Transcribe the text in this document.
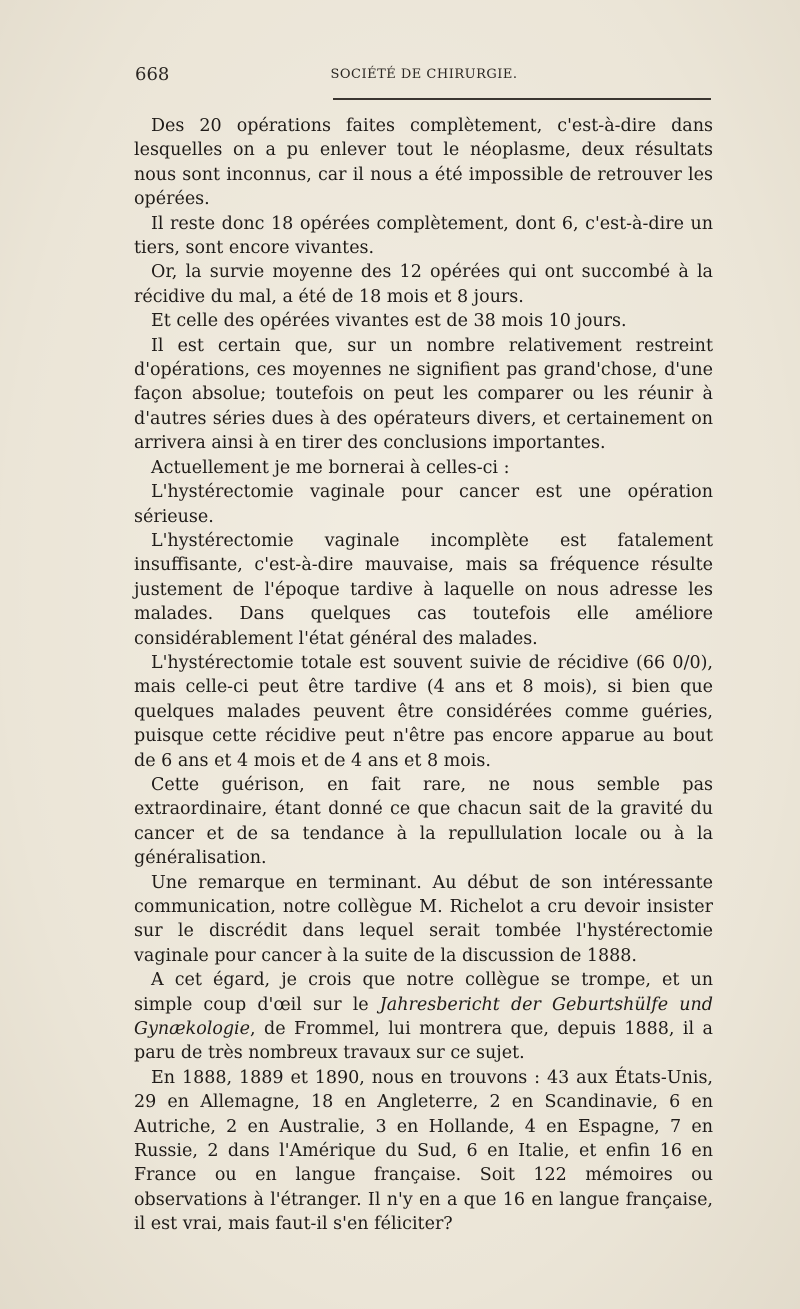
668	SOCIÉTÉ DE CHIRURGIE.

Des 20 opérations faites complètement, c'est-à-dire dans lesquelles on a pu enlever tout le néoplasme, deux résultats nous sont inconnus, car il nous a été impossible de retrouver les opérées.

Il reste donc 18 opérées complètement, dont 6, c'est-à-dire un tiers, sont encore vivantes.

Or, la survie moyenne des 12 opérées qui ont succombé à la récidive du mal, a été de 18 mois et 8 jours.

Et celle des opérées vivantes est de 38 mois 10 jours.

Il est certain que, sur un nombre relativement restreint d'opérations, ces moyennes ne signifient pas grand'chose, d'une façon absolue; toutefois on peut les comparer ou les réunir à d'autres séries dues à des opérateurs divers, et certainement on arrivera ainsi à en tirer des conclusions importantes.

Actuellement je me bornerai à celles-ci :

L'hystérectomie vaginale pour cancer est une opération sérieuse.

L'hystérectomie vaginale incomplète est fatalement insuffisante, c'est-à-dire mauvaise, mais sa fréquence résulte justement de l'époque tardive à laquelle on nous adresse les malades. Dans quelques cas toutefois elle améliore considérablement l'état général des malades.

L'hystérectomie totale est souvent suivie de récidive (66 0/0), mais celle-ci peut être tardive (4 ans et 8 mois), si bien que quelques malades peuvent être considérées comme guéries, puisque cette récidive peut n'être pas encore apparue au bout de 6 ans et 4 mois et de 4 ans et 8 mois.

Cette guérison, en fait rare, ne nous semble pas extraordinaire, étant donné ce que chacun sait de la gravité du cancer et de sa tendance à la repullulation locale ou à la généralisation.

Une remarque en terminant. Au début de son intéressante communication, notre collègue M. Richelot a cru devoir insister sur le discrédit dans lequel serait tombée l'hystérectomie vaginale pour cancer à la suite de la discussion de 1888.

A cet égard, je crois que notre collègue se trompe, et un simple coup d'œil sur le Jahresbericht der Geburtshülfe und Gynækologie, de Frommel, lui montrera que, depuis 1888, il a paru de très nombreux travaux sur ce sujet.

En 1888, 1889 et 1890, nous en trouvons : 43 aux États-Unis, 29 en Allemagne, 18 en Angleterre, 2 en Scandinavie, 6 en Autriche, 2 en Australie, 3 en Hollande, 4 en Espagne, 7 en Russie, 2 dans l'Amérique du Sud, 6 en Italie, et enfin 16 en France ou en langue française. Soit 122 mémoires ou observations à l'étranger. Il n'y en a que 16 en langue française, il est vrai, mais faut-il s'en féliciter?
